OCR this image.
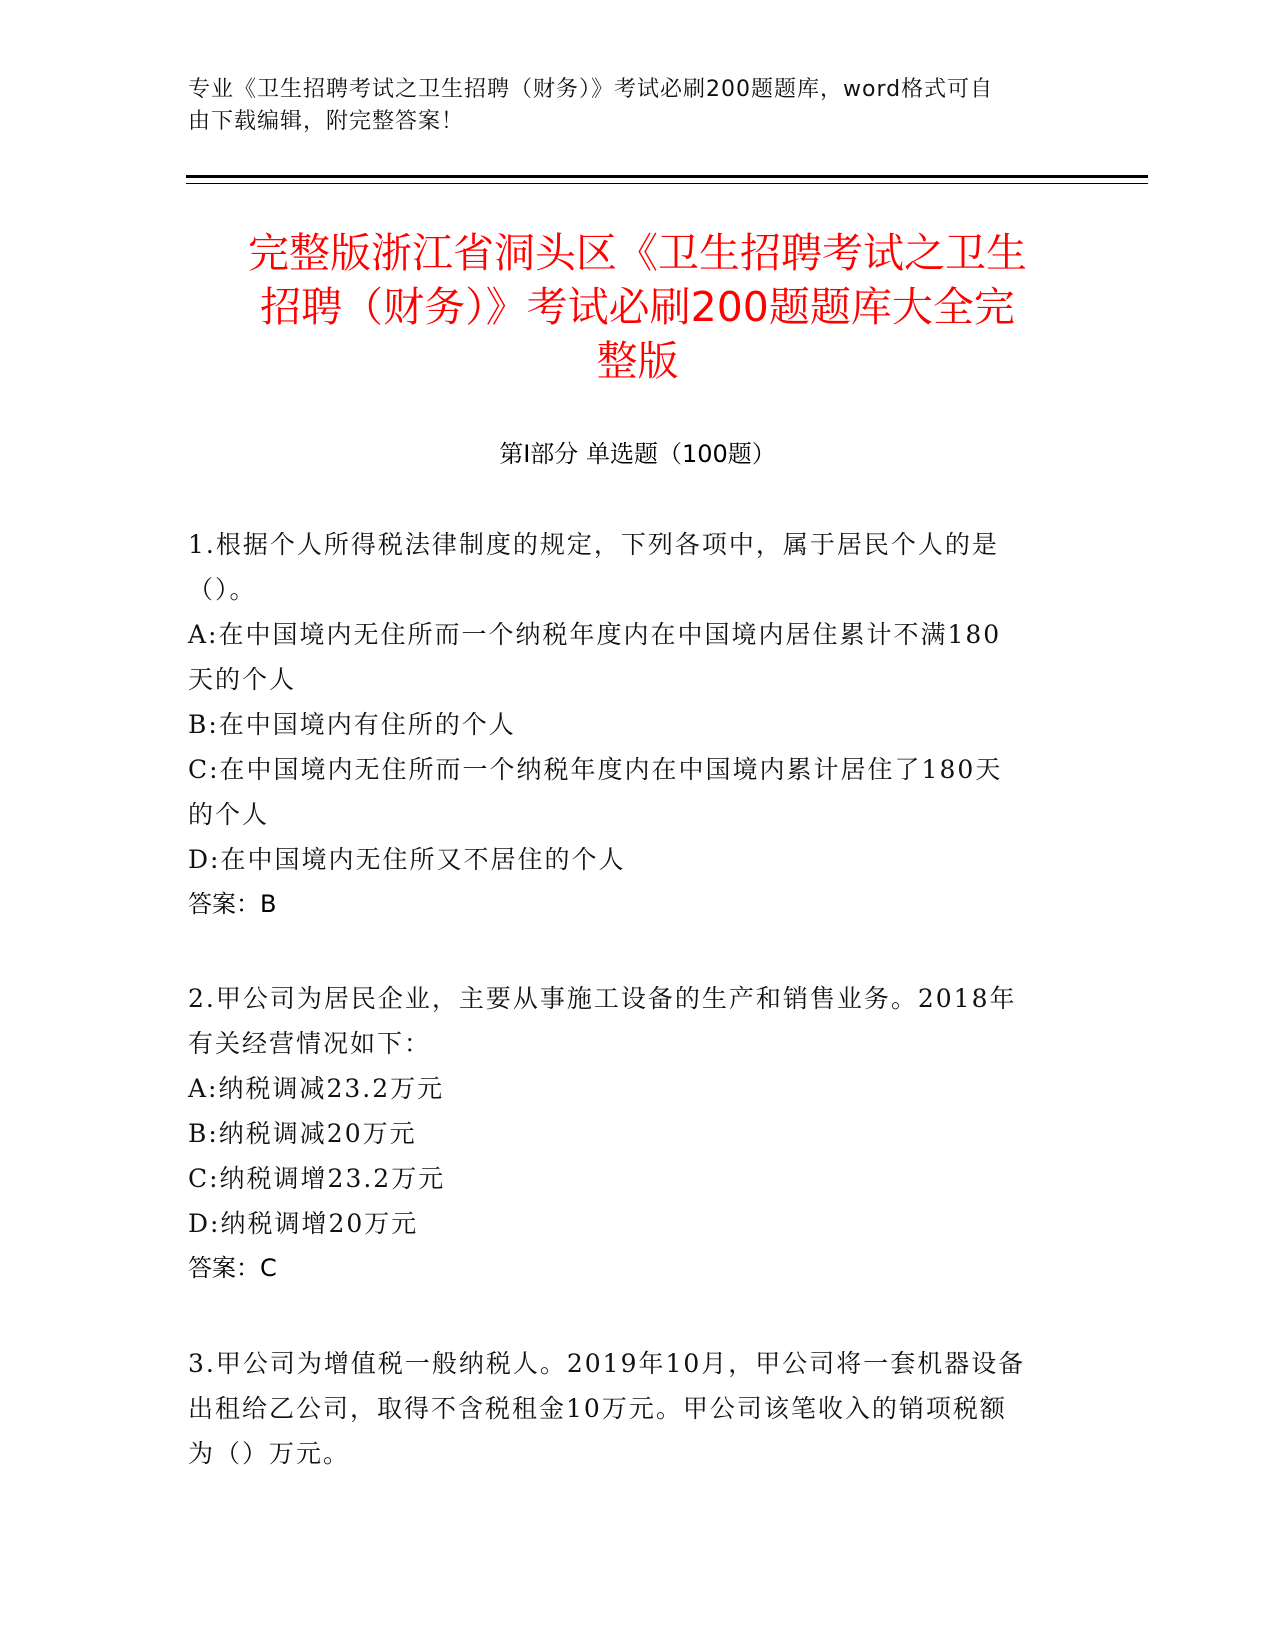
专业《卫生招聘考试之卫生招聘（财务）》考试必刷200题题库，word格式可自
由下载编辑，附完整答案！
完整版浙江省洞头区《卫生招聘考试之卫生
招聘（财务）》考试必刷200题题库大全完
整版
第Ⅰ部分 单选题（100题）
1.根据个人所得税法律制度的规定，下列各项中，属于居民个人的是
（）。
A:在中国境内无住所而一个纳税年度内在中国境内居住累计不满180
天的个人
B:在中国境内有住所的个人
C:在中国境内无住所而一个纳税年度内在中国境内累计居住了180天
的个人
D:在中国境内无住所又不居住的个人
答案：B
2.甲公司为居民企业，主要从事施工设备的生产和销售业务。2018年
有关经营情况如下：
A:纳税调减23.2万元
B:纳税调减20万元
C:纳税调增23.2万元
D:纳税调增20万元
答案：C
3.甲公司为增值税一般纳税人。2019年10月，甲公司将一套机器设备
出租给乙公司，取得不含税租金10万元。甲公司该笔收入的销项税额
为（）万元。
